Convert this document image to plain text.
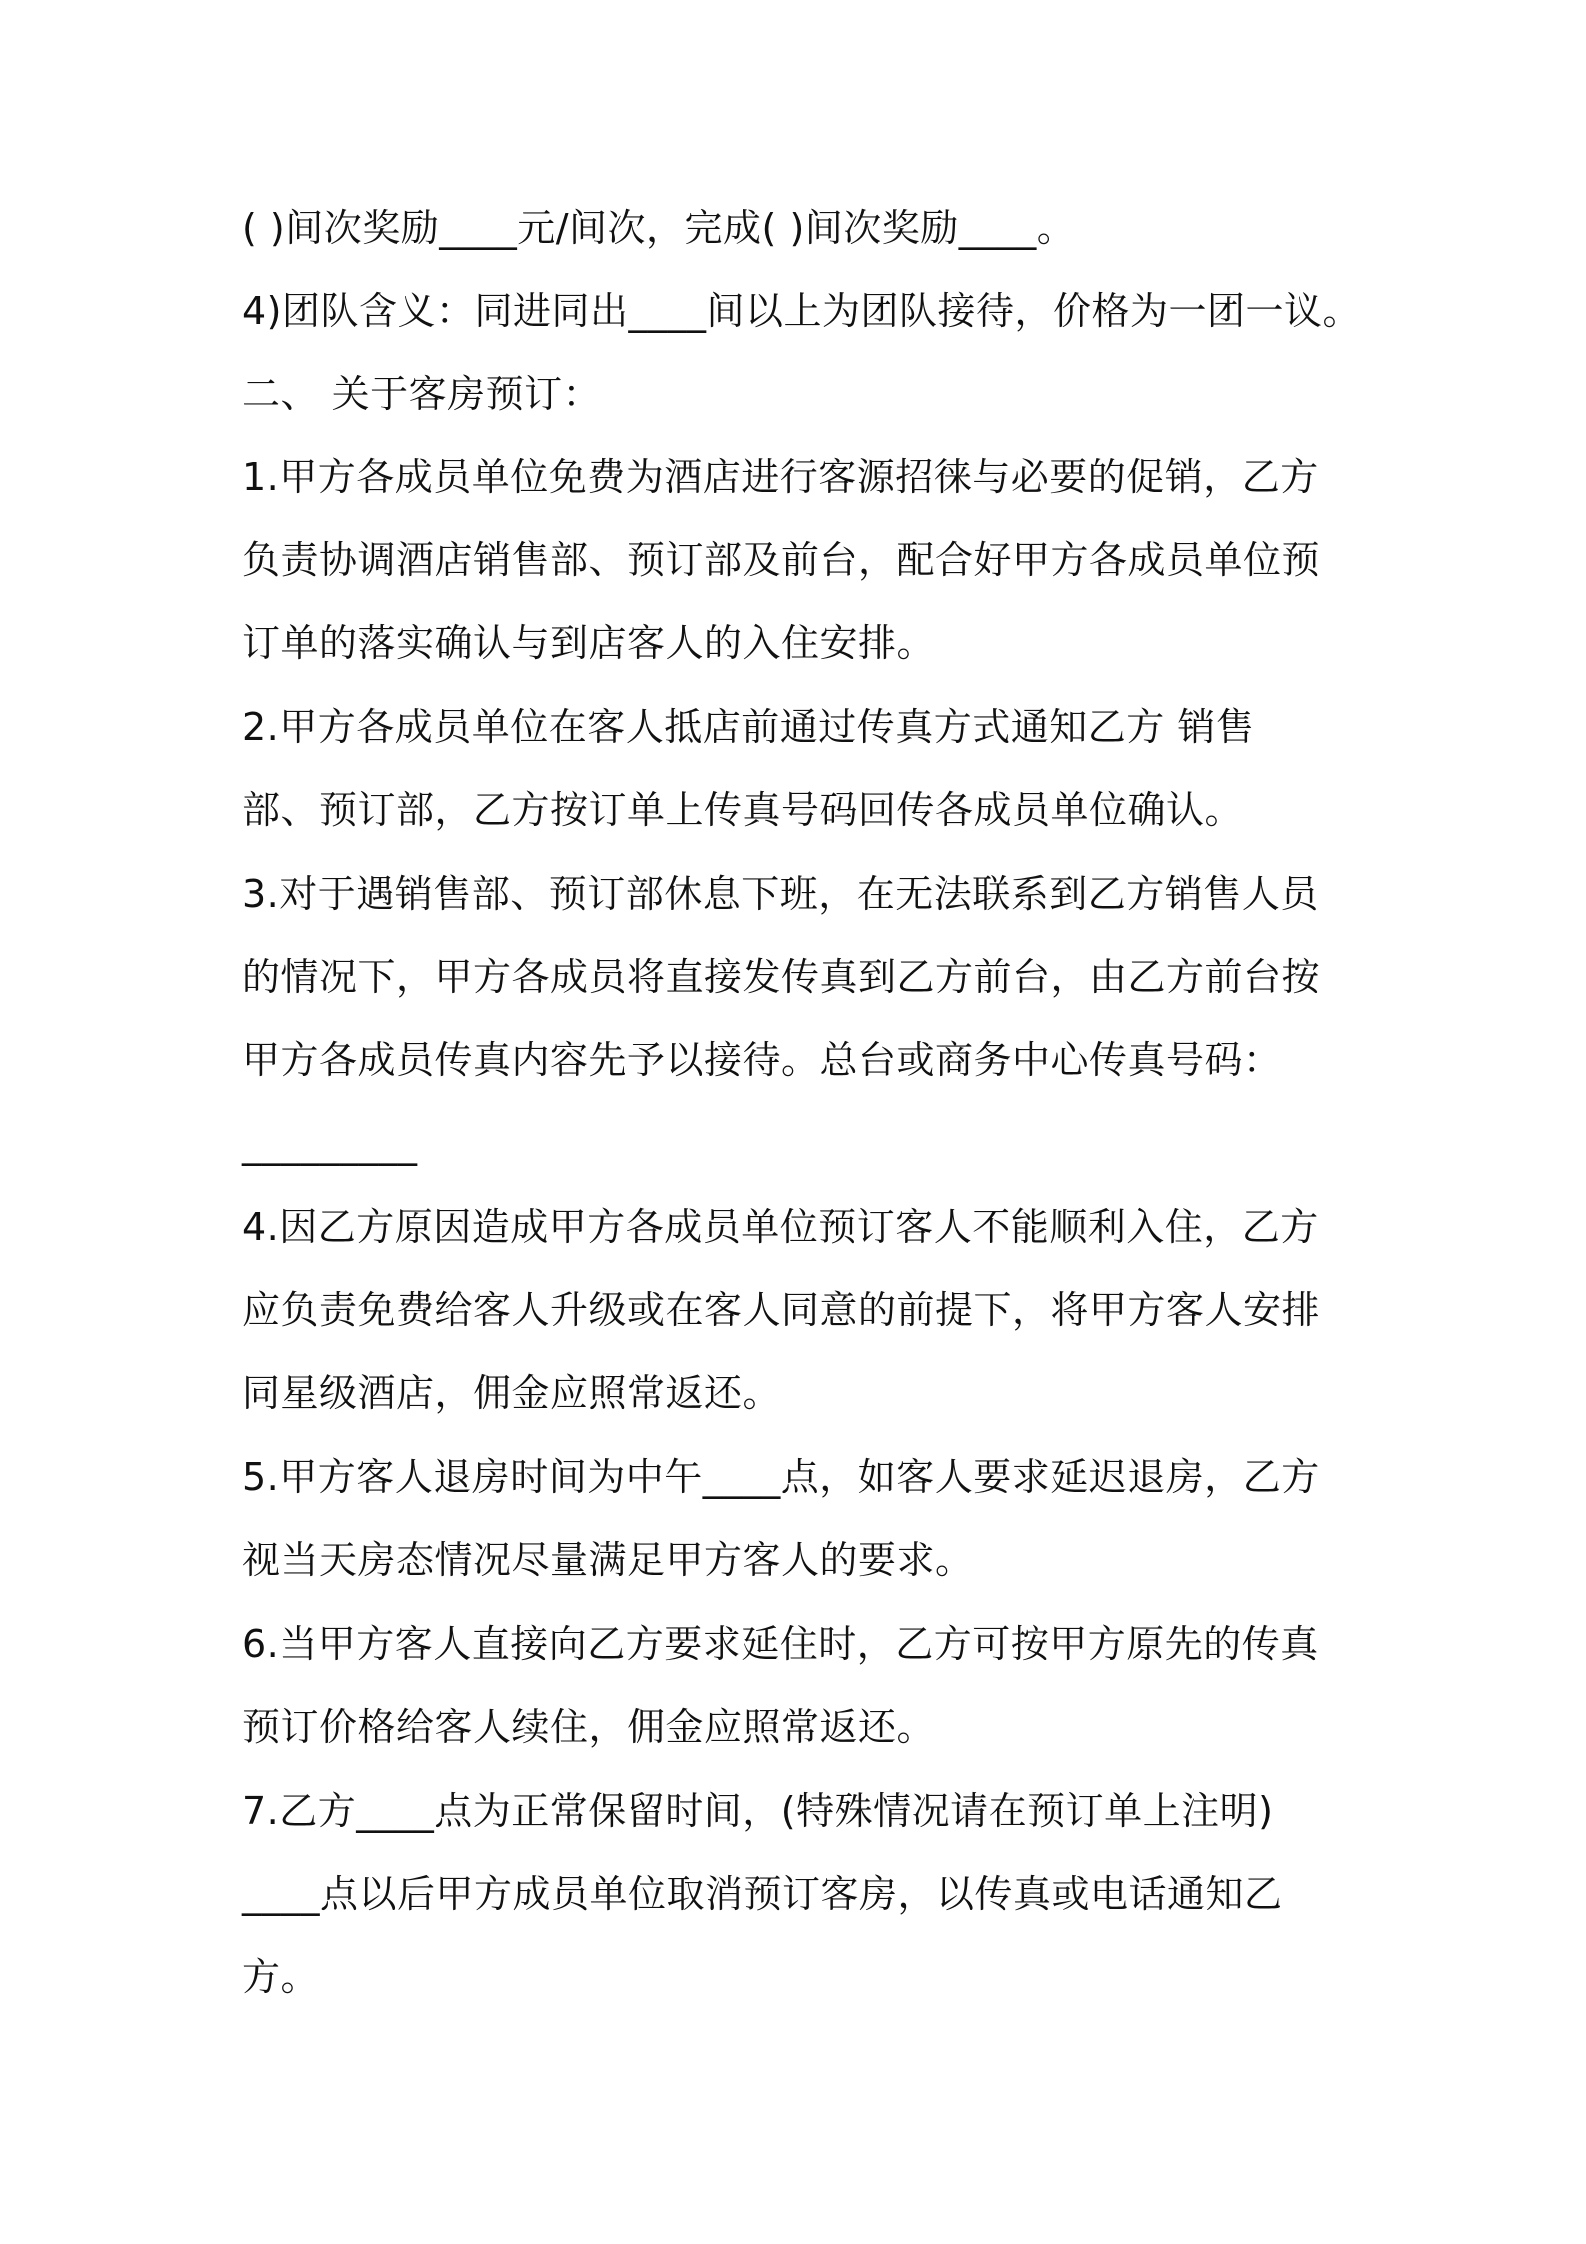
( )间次奖励____元/间次，完成( )间次奖励____。
4)团队含义：同进同出____间以上为团队接待，价格为一团一议。
二、 关于客房预订：
1.甲方各成员单位免费为酒店进行客源招徕与必要的促销，乙方
负责协调酒店销售部、预订部及前台，配合好甲方各成员单位预
订单的落实确认与到店客人的入住安排。
2.甲方各成员单位在客人抵店前通过传真方式通知乙方 销售
部、预订部，乙方按订单上传真号码回传各成员单位确认。
3.对于遇销售部、预订部休息下班，在无法联系到乙方销售人员
的情况下，甲方各成员将直接发传真到乙方前台，由乙方前台按
甲方各成员传真内容先予以接待。总台或商务中心传真号码：
_________
4.因乙方原因造成甲方各成员单位预订客人不能顺利入住，乙方
应负责免费给客人升级或在客人同意的前提下，将甲方客人安排
同星级酒店，佣金应照常返还。
5.甲方客人退房时间为中午____点，如客人要求延迟退房，乙方
视当天房态情况尽量满足甲方客人的要求。
6.当甲方客人直接向乙方要求延住时，乙方可按甲方原先的传真
预订价格给客人续住，佣金应照常返还。
7.乙方____点为正常保留时间，(特殊情况请在预订单上注明)
____点以后甲方成员单位取消预订客房，以传真或电话通知乙
方。
